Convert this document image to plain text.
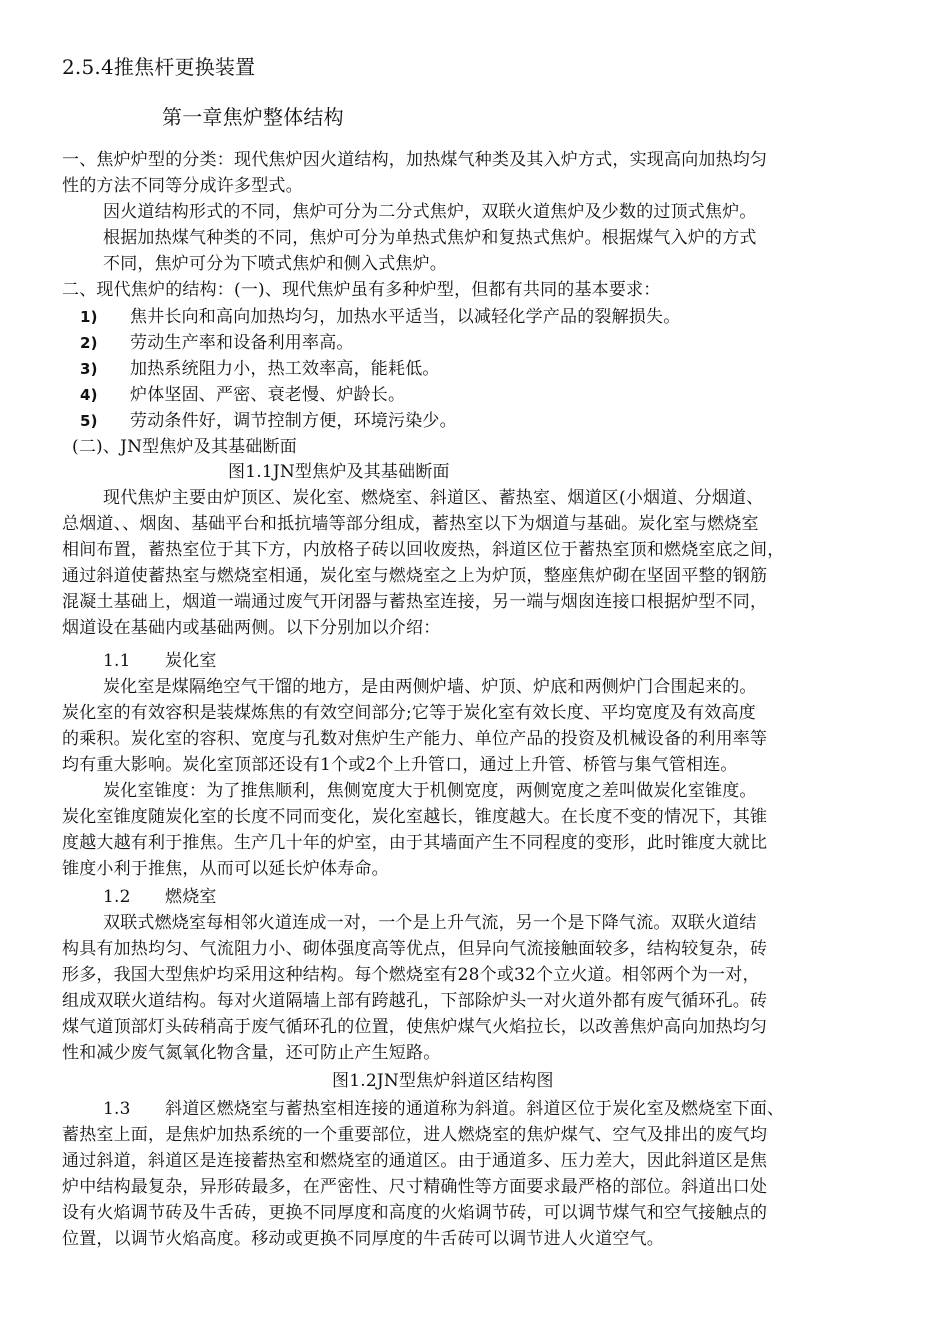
2.5.4推焦杆更换装置
第一章焦炉整体结构
一、焦炉炉型的分类：现代焦炉因火道结构，加热煤气种类及其入炉方式，实现高向加热均匀
性的方法不同等分成许多型式。
因火道结构形式的不同，焦炉可分为二分式焦炉，双联火道焦炉及少数的过顶式焦炉。
根据加热煤气种类的不同，焦炉可分为单热式焦炉和复热式焦炉。根据煤气入炉的方式
不同，焦炉可分为下喷式焦炉和侧入式焦炉。
二、现代焦炉的结构：(一)、现代焦炉虽有多种炉型，但都有共同的基本要求：
1) 焦井长向和高向加热均匀，加热水平适当，以减轻化学产品的裂解损失。
2) 劳动生产率和设备利用率高。
3) 加热系统阻力小，热工效率高，能耗低。
4) 炉体坚固、严密、衰老慢、炉龄长。
5) 劳动条件好，调节控制方便，环境污染少。
(二)、JN型焦炉及其基础断面
图1.1JN型焦炉及其基础断面
现代焦炉主要由炉顶区、炭化室、燃烧室、斜道区、蓄热室、烟道区(小烟道、分烟道、
总烟道、、烟囱、基础平台和抵抗墙等部分组成，蓄热室以下为烟道与基础。炭化室与燃烧室
相间布置，蓄热室位于其下方，内放格子砖以回收废热，斜道区位于蓄热室顶和燃烧室底之间，
通过斜道使蓄热室与燃烧室相通，炭化室与燃烧室之上为炉顶，整座焦炉砌在坚固平整的钢筋
混凝土基础上，烟道一端通过废气开闭器与蓄热室连接，另一端与烟囱连接口根据炉型不同，
烟道设在基础内或基础两侧。以下分别加以介绍：
1.1　　炭化室
炭化室是煤隔绝空气干馏的地方，是由两侧炉墙、炉顶、炉底和两侧炉门合围起来的。
炭化室的有效容积是装煤炼焦的有效空间部分;它等于炭化室有效长度、平均宽度及有效高度
的乘积。炭化室的容积、宽度与孔数对焦炉生产能力、单位产品的投资及机械设备的利用率等
均有重大影响。炭化室顶部还设有1个或2个上升管口，通过上升管、桥管与集气管相连。
炭化室锥度：为了推焦顺利，焦侧宽度大于机侧宽度，两侧宽度之差叫做炭化室锥度。
炭化室锥度随炭化室的长度不同而变化，炭化室越长，锥度越大。在长度不变的情况下，其锥
度越大越有利于推焦。生产几十年的炉室，由于其墙面产生不同程度的变形，此时锥度大就比
锥度小利于推焦，从而可以延长炉体寿命。
1.2　　燃烧室
双联式燃烧室每相邻火道连成一对，一个是上升气流，另一个是下降气流。双联火道结
构具有加热均匀、气流阻力小、砌体强度高等优点，但异向气流接触面较多，结构较复杂，砖
形多，我国大型焦炉均采用这种结构。每个燃烧室有28个或32个立火道。相邻两个为一对，
组成双联火道结构。每对火道隔墙上部有跨越孔，下部除炉头一对火道外都有废气循环孔。砖
煤气道顶部灯头砖稍高于废气循环孔的位置，使焦炉煤气火焰拉长，以改善焦炉高向加热均匀
性和减少废气氮氧化物含量，还可防止产生短路。
图1.2JN型焦炉斜道区结构图
1.3　　斜道区燃烧室与蓄热室相连接的通道称为斜道。斜道区位于炭化室及燃烧室下面、
蓄热室上面，是焦炉加热系统的一个重要部位，进人燃烧室的焦炉煤气、空气及排出的废气均
通过斜道，斜道区是连接蓄热室和燃烧室的通道区。由于通道多、压力差大，因此斜道区是焦
炉中结构最复杂，异形砖最多，在严密性、尺寸精确性等方面要求最严格的部位。斜道出口处
设有火焰调节砖及牛舌砖，更换不同厚度和高度的火焰调节砖，可以调节煤气和空气接触点的
位置，以调节火焰高度。移动或更换不同厚度的牛舌砖可以调节进人火道空气。
